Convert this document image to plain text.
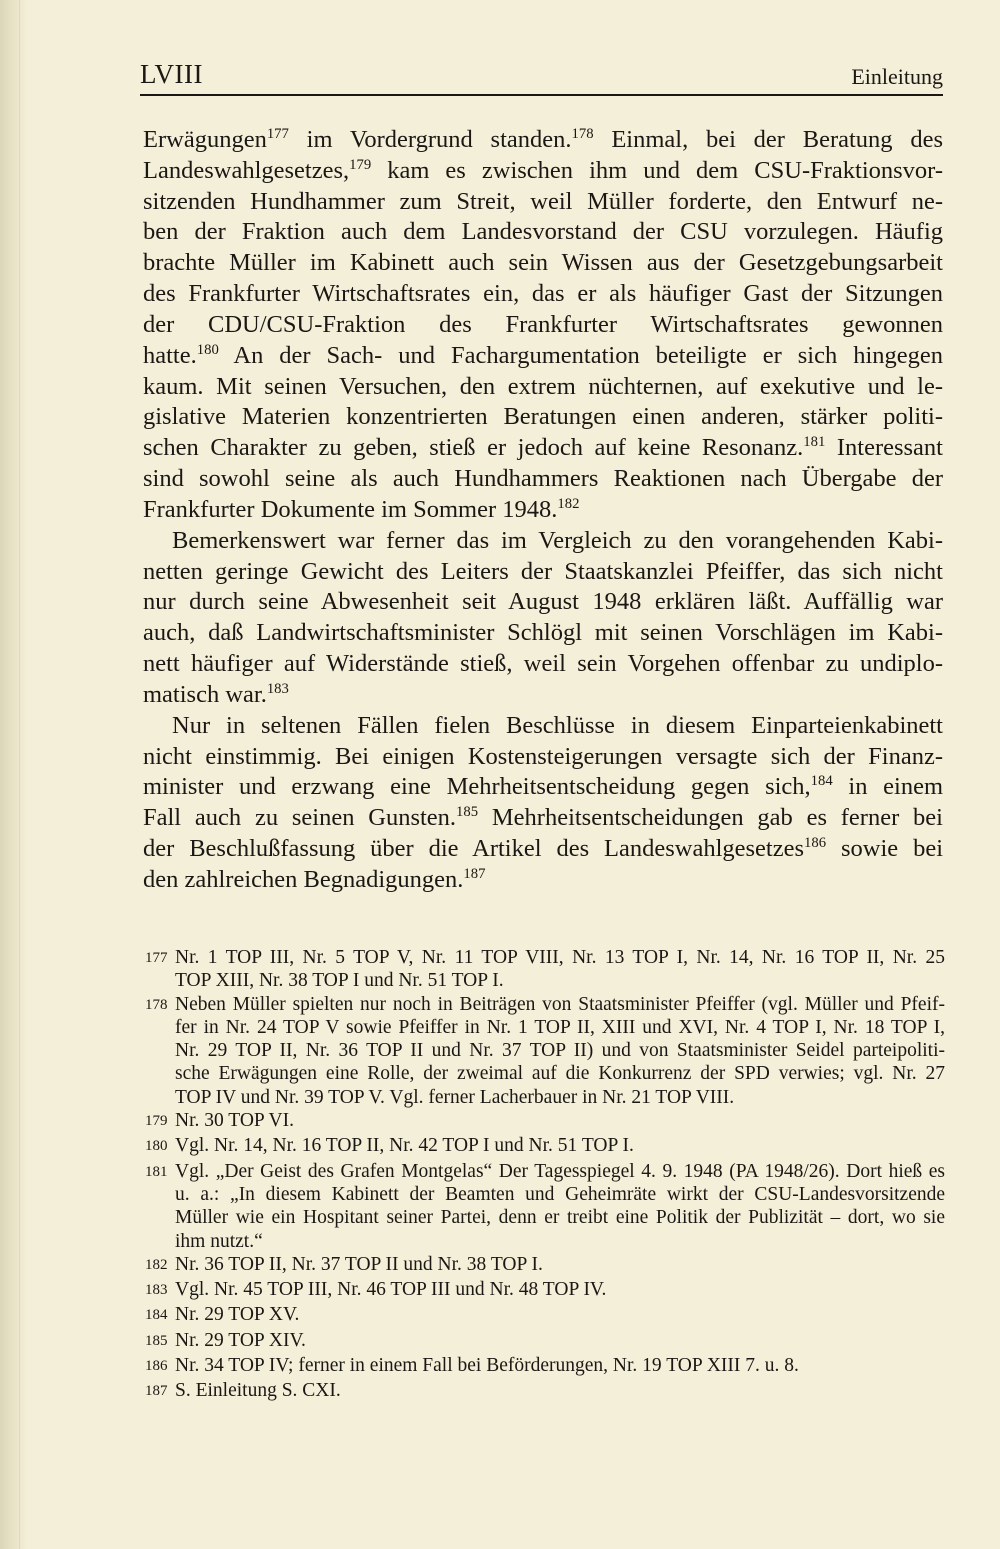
LVIII	Einleitung
Erwägungen$^{177}$ im Vordergrund standen.$^{178}$ Einmal, bei der Beratung des
Landeswahlgesetzes,$^{179}$ kam es zwischen ihm und dem CSU-Fraktionsvor-
sitzenden Hundhammer zum Streit, weil Müller forderte, den Entwurf ne-
ben der Fraktion auch dem Landesvorstand der CSU vorzulegen. Häufig
brachte Müller im Kabinett auch sein Wissen aus der Gesetzgebungsarbeit
des Frankfurter Wirtschaftsrates ein, das er als häufiger Gast der Sitzungen
der CDU/CSU-Fraktion des Frankfurter Wirtschaftsrates gewonnen
hatte.$^{180}$ An der Sach- und Fachargumentation beteiligte er sich hingegen
kaum. Mit seinen Versuchen, den extrem nüchternen, auf exekutive und le-
gislative Materien konzentrierten Beratungen einen anderen, stärker politi-
schen Charakter zu geben, stieß er jedoch auf keine Resonanz.$^{181}$ Interessant
sind sowohl seine als auch Hundhammers Reaktionen nach Übergabe der
Frankfurter Dokumente im Sommer 1948.$^{182}$
Bemerkenswert war ferner das im Vergleich zu den vorangehenden Kabi-
netten geringe Gewicht des Leiters der Staatskanzlei Pfeiffer, das sich nicht
nur durch seine Abwesenheit seit August 1948 erklären läßt. Auffällig war
auch, daß Landwirtschaftsminister Schlögl mit seinen Vorschlägen im Kabi-
nett häufiger auf Widerstände stieß, weil sein Vorgehen offenbar zu undiplo-
matisch war.$^{183}$
Nur in seltenen Fällen fielen Beschlüsse in diesem Einparteienkabinett
nicht einstimmig. Bei einigen Kostensteigerungen versagte sich der Finanz-
minister und erzwang eine Mehrheitsentscheidung gegen sich,$^{184}$ in einem
Fall auch zu seinen Gunsten.$^{185}$ Mehrheitsentscheidungen gab es ferner bei
der Beschlußfassung über die Artikel des Landeswahlgesetzes$^{186}$ sowie bei
den zahlreichen Begnadigungen.$^{187}$
177 Nr. 1 TOP III, Nr. 5 TOP V, Nr. 11 TOP VIII, Nr. 13 TOP I, Nr. 14, Nr. 16 TOP II, Nr. 25
TOP XIII, Nr. 38 TOP I und Nr. 51 TOP I.
178 Neben Müller spielten nur noch in Beiträgen von Staatsminister Pfeiffer (vgl. Müller und Pfeif-
fer in Nr. 24 TOP V sowie Pfeiffer in Nr. 1 TOP II, XIII und XVI, Nr. 4 TOP I, Nr. 18 TOP I,
Nr. 29 TOP II, Nr. 36 TOP II und Nr. 37 TOP II) und von Staatsminister Seidel parteipoliti-
sche Erwägungen eine Rolle, der zweimal auf die Konkurrenz der SPD verwies; vgl. Nr. 27
TOP IV und Nr. 39 TOP V. Vgl. ferner Lacherbauer in Nr. 21 TOP VIII.
179 Nr. 30 TOP VI.
180 Vgl. Nr. 14, Nr. 16 TOP II, Nr. 42 TOP I und Nr. 51 TOP I.
181 Vgl. „Der Geist des Grafen Montgelas“ Der Tagesspiegel 4. 9. 1948 (PA 1948/26). Dort hieß es
u. a.: „In diesem Kabinett der Beamten und Geheimräte wirkt der CSU-Landesvorsitzende
Müller wie ein Hospitant seiner Partei, denn er treibt eine Politik der Publizität – dort, wo sie
ihm nutzt.“
182 Nr. 36 TOP II, Nr. 37 TOP II und Nr. 38 TOP I.
183 Vgl. Nr. 45 TOP III, Nr. 46 TOP III und Nr. 48 TOP IV.
184 Nr. 29 TOP XV.
185 Nr. 29 TOP XIV.
186 Nr. 34 TOP IV; ferner in einem Fall bei Beförderungen, Nr. 19 TOP XIII 7. u. 8.
187 S. Einleitung S. CXI.
